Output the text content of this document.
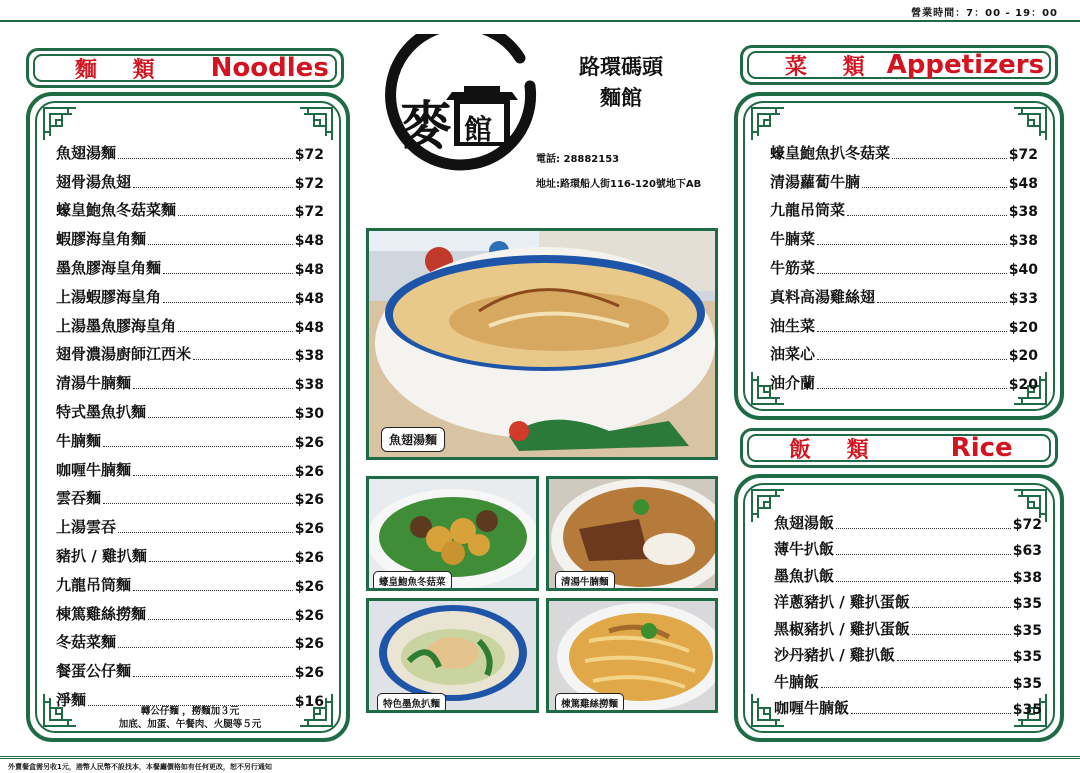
營業時間：7：00 - 19：00
麵 類 Noodles
魚翅湯麵	$72
翅骨湯魚翅	$72
蠔皇鮑魚冬菇菜麵	$72
蝦膠海皇角麵	$48
墨魚膠海皇角麵	$48
上湯蝦膠海皇角	$48
上湯墨魚膠海皇角	$48
翅骨濃湯廚師江西米	$38
清湯牛腩麵	$38
特式墨魚扒麵	$30
牛腩麵	$26
咖喱牛腩麵	$26
雲吞麵	$26
上湯雲吞	$26
豬扒 / 雞扒麵	$26
九龍吊筒麵	$26
棟篤雞絲撈麵	$26
冬菇菜麵	$26
餐蛋公仔麵	$26
淨麵	$16
轉公仔麵 ，撈麵加３元
加底、加蛋、午餐肉、火腿等５元
麥 館
路環碼頭
麵館
電話: 28882153
地址:路環船人街116-120號地下AB
魚翅湯麵
蠔皇鮑魚冬菇菜	清湯牛腩麵
特色墨魚扒麵	棟篤雞絲撈麵
菜 類 Appetizers
蠔皇鮑魚扒冬菇菜	$72
清湯蘿蔔牛腩	$48
九龍吊筒菜	$38
牛腩菜	$38
牛筋菜	$40
真料高湯雞絲翅	$33
油生菜	$20
油菜心	$20
油介蘭	$20
飯 類	Rice
魚翅湯飯	$72
薄牛扒飯	$63
墨魚扒飯	$38
洋蔥豬扒 / 雞扒蛋飯	$35
黑椒豬扒 / 雞扒蛋飯	$35
沙丹豬扒 / 雞扒飯	$35
牛腩飯	$35
咖喱牛腩飯	$35
外賣餐盒需另收1元，港幣人民幣不設找本，本餐廳價格如有任何更改，恕不另行通知
